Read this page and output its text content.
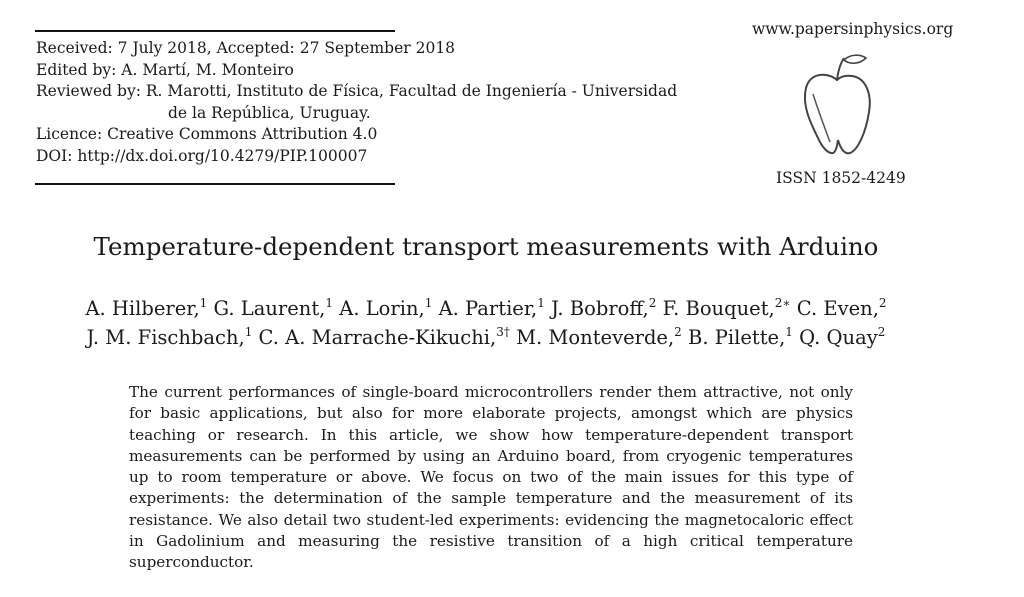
Received: 7 July 2018, Accepted: 27 September 2018
Edited by: A. Martí, M. Monteiro
Reviewed by: R. Marotti, Instituto de Física, Facultad de Ingeniería - Universidad
de la República, Uruguay.
Licence: Creative Commons Attribution 4.0
DOI: http://dx.doi.org/10.4279/PIP.100007
www.papersinphysics.org
ISSN 1852-4249
Temperature-dependent transport measurements with Arduino
A. Hilberer,$^1$ G. Laurent,$^1$ A. Lorin,$^1$ A. Partier,$^1$ J. Bobroff,$^2$ F. Bouquet,$^{2∗}$ C. Even,$^2$
J. M. Fischbach,$^1$ C. A. Marrache-Kikuchi,$^{3\dagger}$ M. Monteverde,$^2$ B. Pilette,$^1$ Q. Quay$^2$
The current performances of single-board microcontrollers render them attractive, not only for basic applications, but also for more elaborate projects, amongst which are physics teaching or research. In this article, we show how temperature-dependent transport measurements can be performed by using an Arduino board, from cryogenic temperatures up to room temperature or above. We focus on two of the main issues for this type of experiments: the determination of the sample temperature and the measurement of its resistance. We also detail two student-led experiments: evidencing the magnetocaloric effect in Gadolinium and measuring the resistive transition of a high critical temperature superconductor.
